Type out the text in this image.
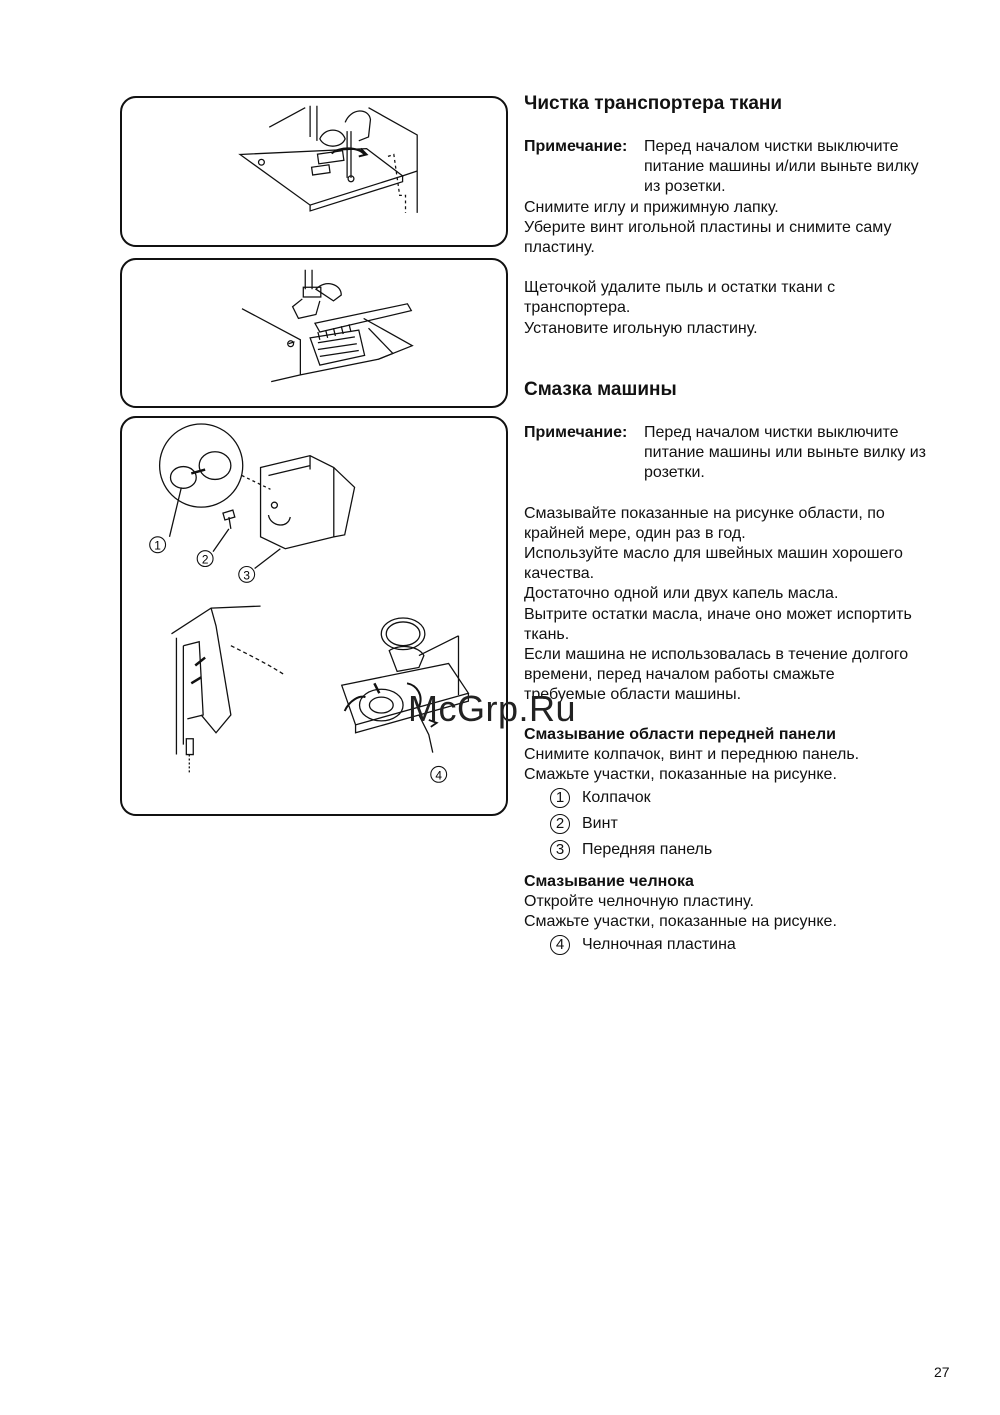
1
2
3
4

Чистка транспортера ткани

Примечание:	Перед началом чистки выключите
питание машины и/или выньте вилку
из розетки.

Снимите иглу и прижимную лапку.

Уберите винт игольной пластины и снимите саму

пластину.

Щеточкой удалите пыль и остатки ткани с

транспортера.

Установите игольную пластину.

Смазка машины

Примечание:	Перед началом чистки выключите
питание машины или выньте вилку из
розетки.

Смазывайте показанные на рисунке области, по

крайней мере, один раз в год.

Используйте масло для швейных машин хорошего

качества.

Достаточно одной или двух капель масла.

Вытрите остатки масла, иначе оно может испортить

ткань.

Если машина не использовалась в течение долгого

времени, перед началом работы смажьте

требуемые области машины.

Смазывание области передней панели

Снимите колпачок, винт и переднюю панель.

Смажьте участки, показанные на рисунке.

1	Колпачок
2	Винт
3	Передняя панель

Смазывание челнока

Откройте челночную пластину.

Смажьте участки, показанные на рисунке.

4	Челночная пластина
McGrp.Ru
27
